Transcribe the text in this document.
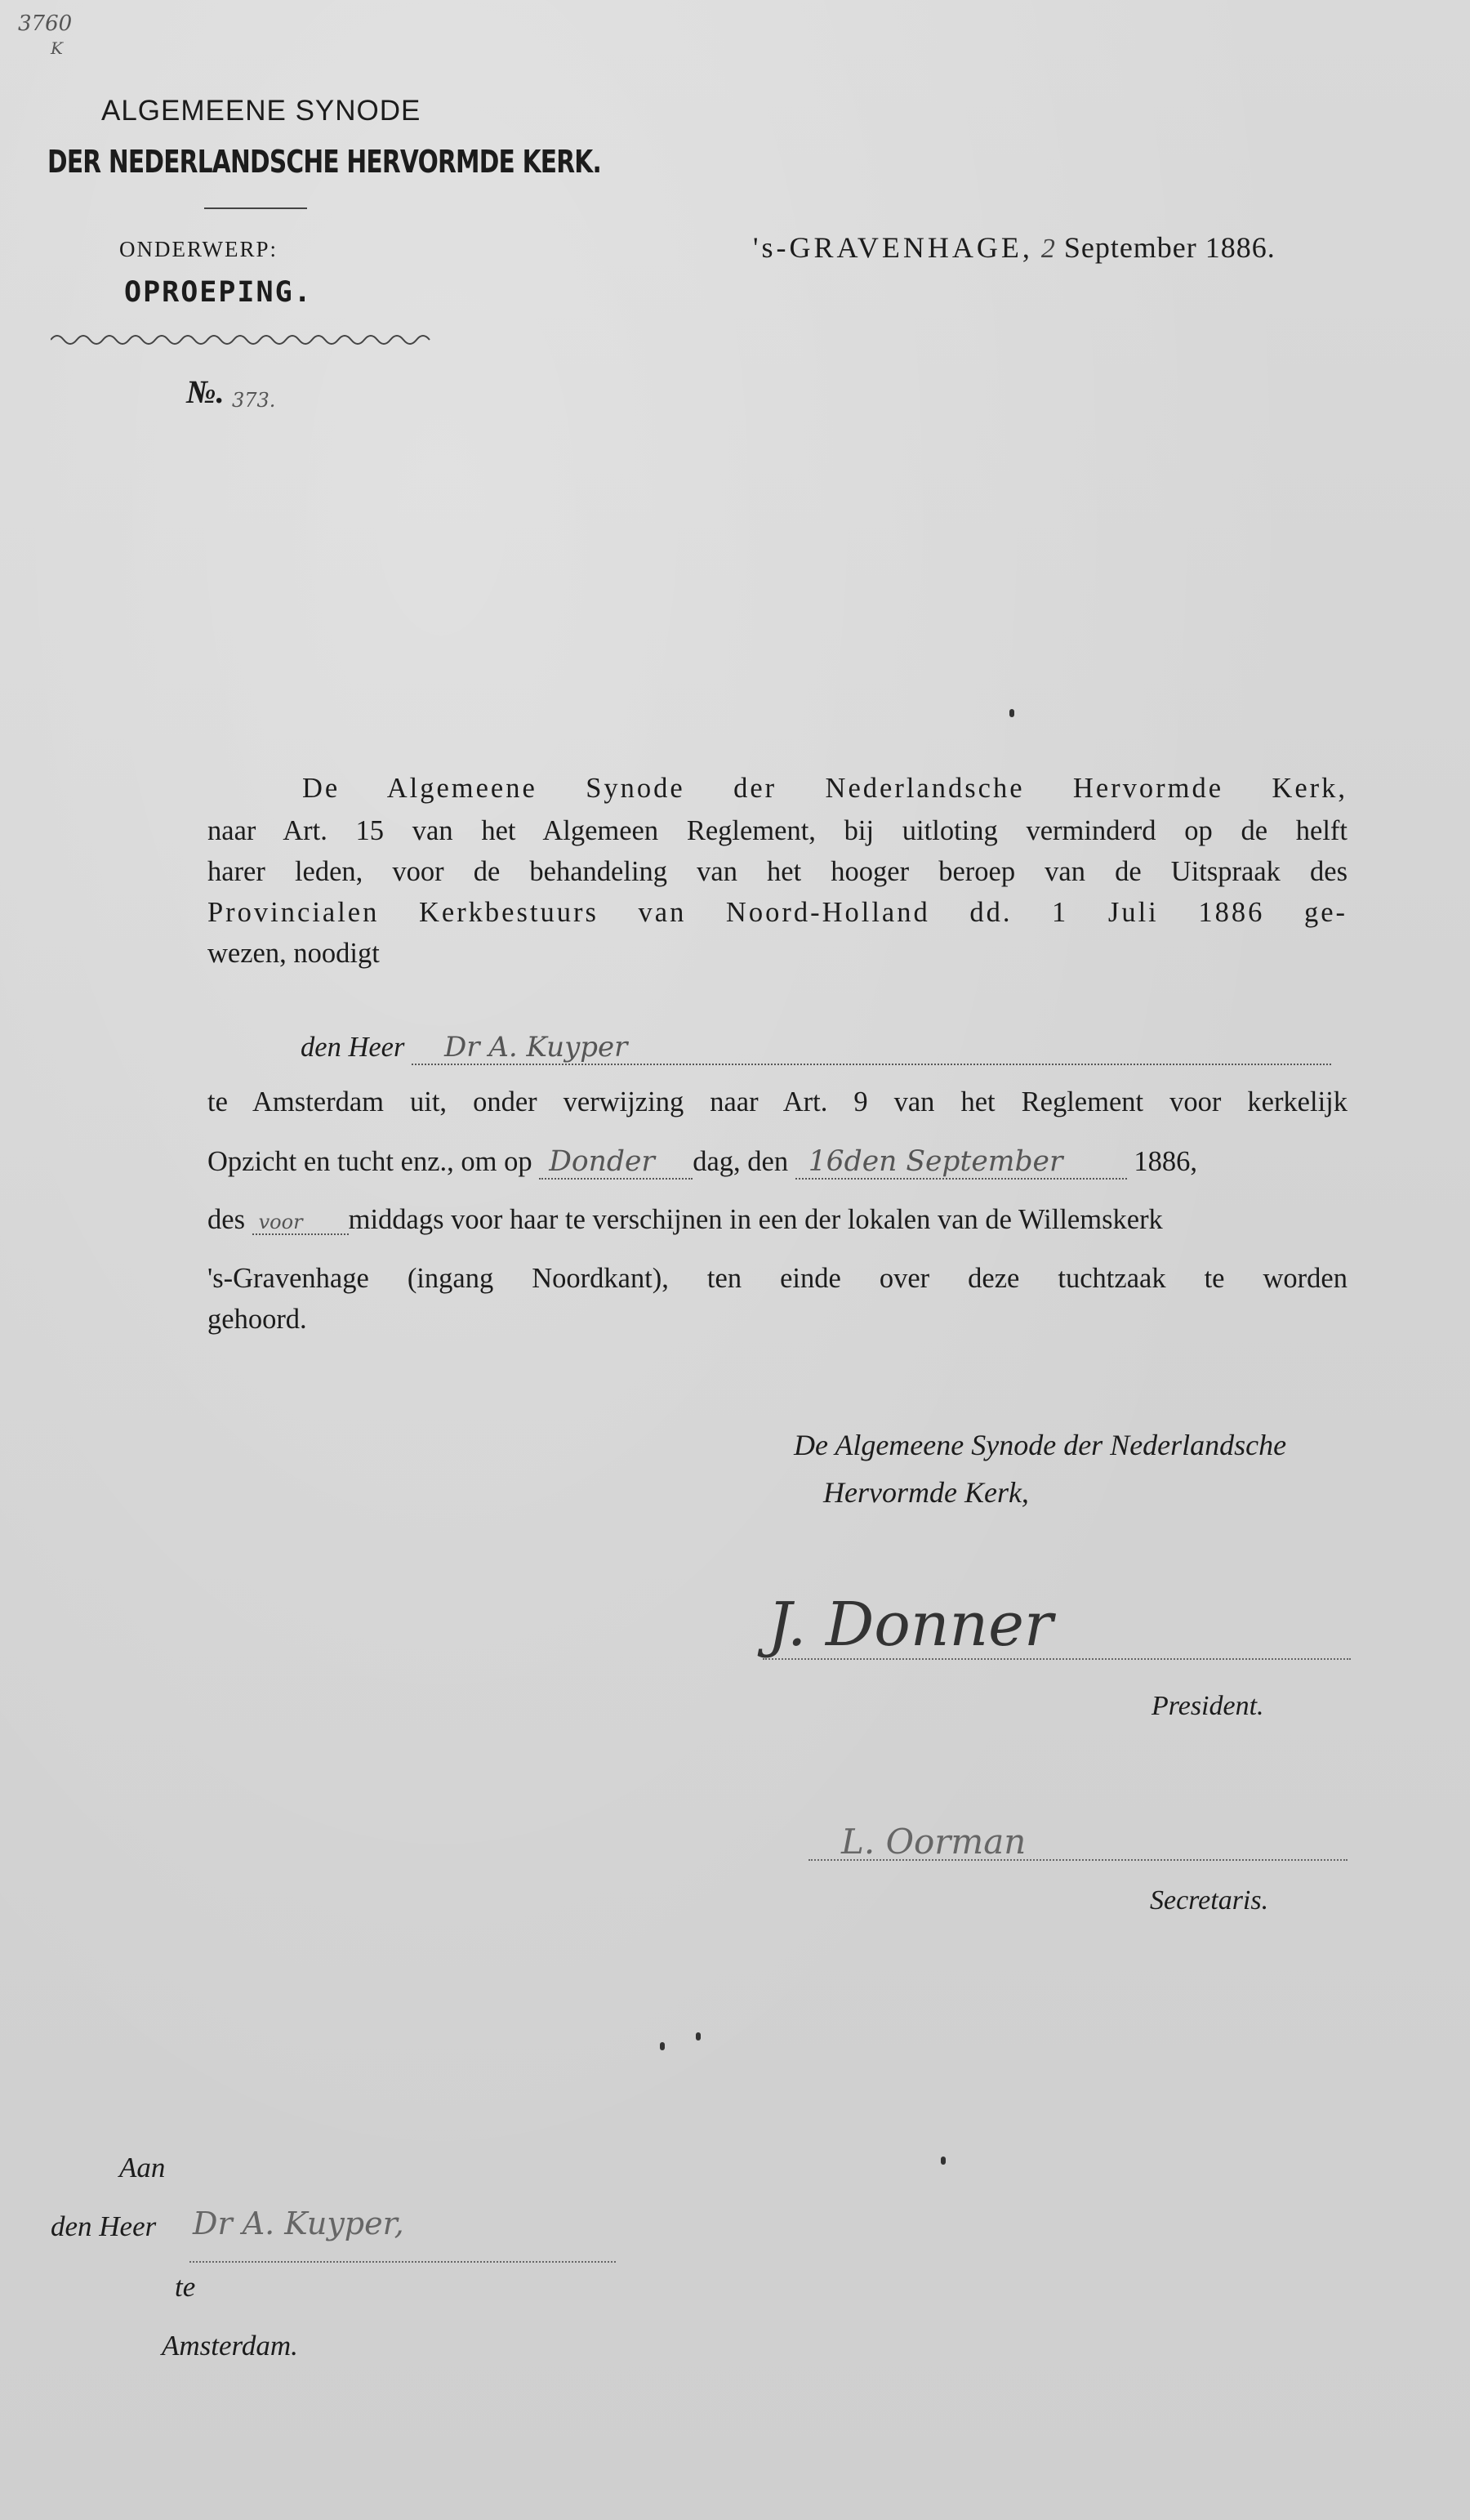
3760
K
ALGEMEENE SYNODE
DER NEDERLANDSCHE HERVORMDE KERK.
ONDERWERP:
OPROEPING.
№. 373.
's-GRAVENHAGE, 2 September 1886.
De Algemeene Synode der Nederlandsche Hervormde Kerk,
naar Art. 15 van het Algemeen Reglement, bij uitloting verminderd op de helft
harer leden, voor de behandeling van het hooger beroep van de Uitspraak des
Provincialen Kerkbestuurs van Noord-Holland dd. 1 Juli 1886 ge-
wezen, noodigt
den Heer Dr A. Kuyper
te Amsterdam uit, onder verwijzing naar Art. 9 van het Reglement voor kerkelijk
Opzicht en tucht enz., om op Donder dag, den 16den September	1886,
des voor middags voor haar te verschijnen in een der lokalen van de Willemskerk
's-Gravenhage (ingang Noordkant), ten einde over deze tuchtzaak te worden
gehoord.
De Algemeene Synode der Nederlandsche
Hervormde Kerk,
J. Donner
President.
L. Oorman
Secretaris.
Aan
den Heer Dr A. Kuyper,
te
Amsterdam.
